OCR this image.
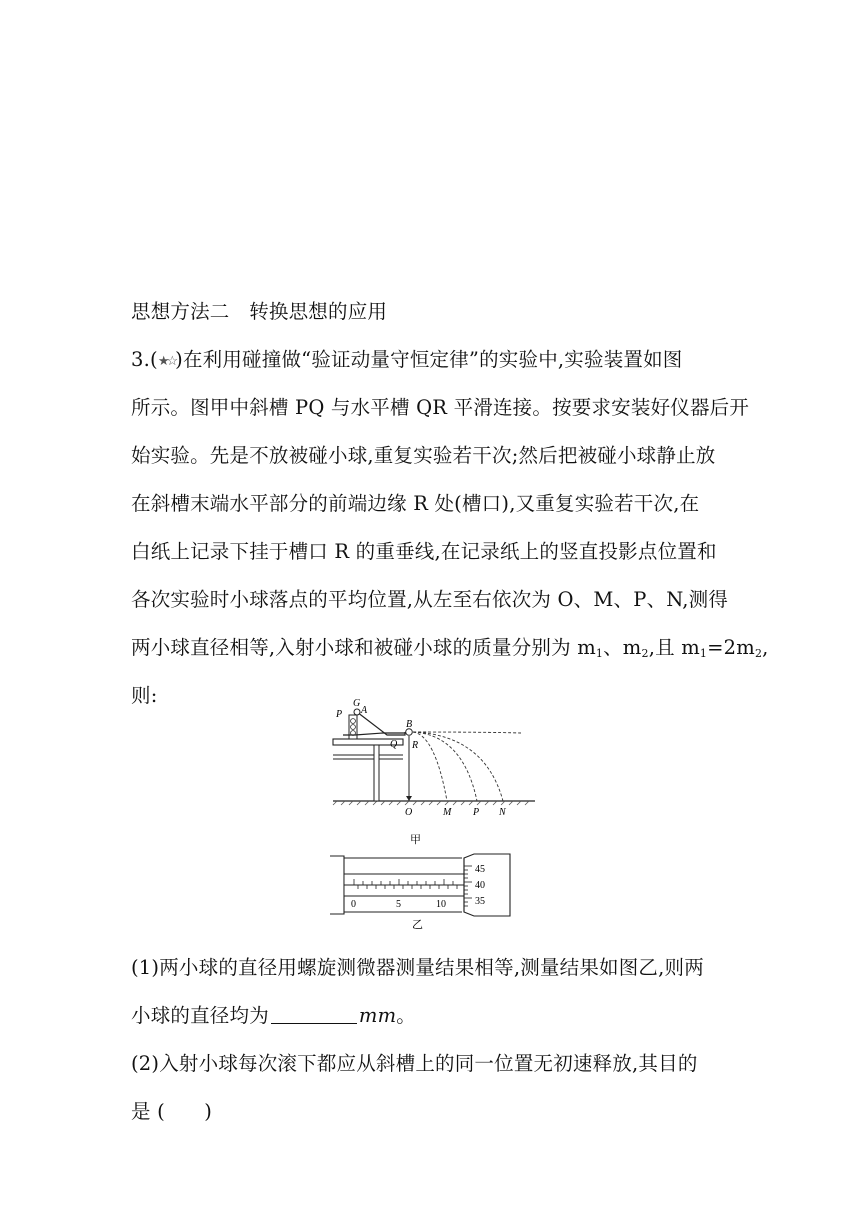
思想方法二　转换思想的应用
3.(★☆)在利用碰撞做“验证动量守恒定律”的实验中,实验装置如图
所示。图甲中斜槽 PQ 与水平槽 QR 平滑连接。按要求安装好仪器后开
始实验。先是不放被碰小球,重复实验若干次;然后把被碰小球静止放
在斜槽末端水平部分的前端边缘 R 处(槽口),又重复实验若干次,在
白纸上记录下挂于槽口 R 的重垂线,在记录纸上的竖直投影点位置和
各次实验时小球落点的平均位置,从左至右依次为 O、M、P、N,测得
两小球直径相等,入射小球和被碰小球的质量分别为 $m_1$、$m_2$,且 $m_1=2m_2$,
则:
P
G
A
B
Q R
O	M P N
甲
0	5	10
45
40
35
乙
(1)两小球的直径用螺旋测微器测量结果相等,测量结果如图乙,则两
小球的直径均为	mm。
(2)入射小球每次滚下都应从斜槽上的同一位置无初速释放,其目的
是 (　　)
